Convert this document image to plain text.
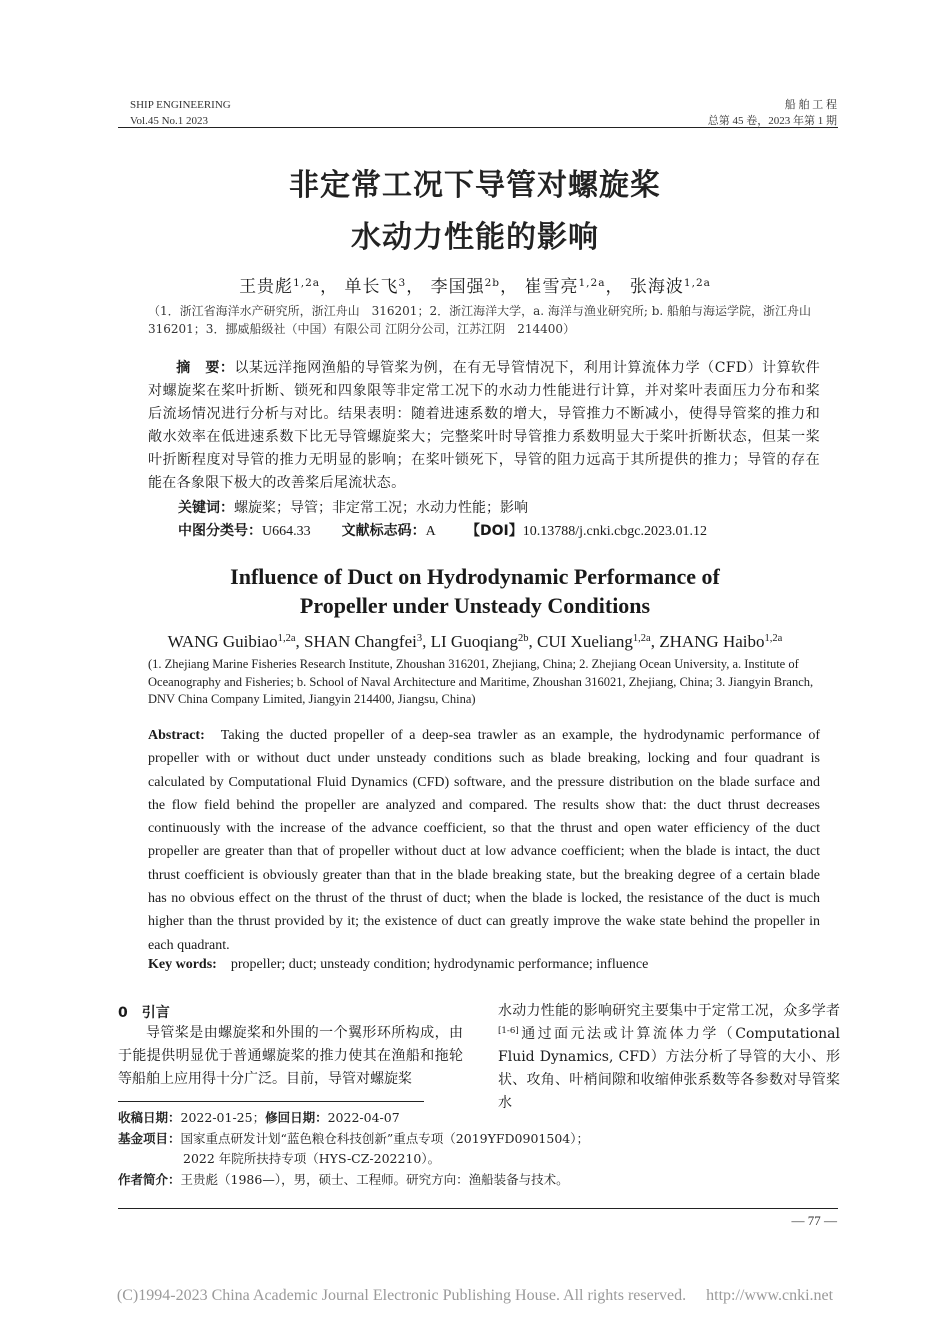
SHIP ENGINEERING
Vol.45 No.1 2023
船 舶 工 程
总第 45 卷，2023 年第 1 期
非定常工况下导管对螺旋桨
水动力性能的影响
王贵彪$^{1,2a}$， 单长飞$^3$， 李国强$^{2b}$， 崔雪亮$^{1,2a}$， 张海波$^{1,2a}$
（1．浙江省海洋水产研究所，浙江舟山　316201；2．浙江海洋大学，a. 海洋与渔业研究所; b. 船舶与海运学院，浙江舟山　316201；3．挪威船级社（中国）有限公司 江阴分公司，江苏江阴　214400）
摘　要：以某远洋拖网渔船的导管桨为例，在有无导管情况下，利用计算流体力学（CFD）计算软件对螺旋桨在桨叶折断、锁死和四象限等非定常工况下的水动力性能进行计算，并对桨叶表面压力分布和桨后流场情况进行分析与对比。结果表明：随着进速系数的增大，导管推力不断减小，使得导管桨的推力和敞水效率在低进速系数下比无导管螺旋桨大；完整桨叶时导管推力系数明显大于桨叶折断状态，但某一桨叶折断程度对导管的推力无明显的影响；在桨叶锁死下，导管的阻力远高于其所提供的推力；导管的存在能在各象限下极大的改善桨后尾流状态。
关键词：螺旋桨；导管；非定常工况；水动力性能；影响
中图分类号：U664.33 文献标志码：A 【DOI】10.13788/j.cnki.cbgc.2023.01.12
Influence of Duct on Hydrodynamic Performance of
Propeller under Unsteady Conditions
WANG Guibiao$^{1,2a}$, SHAN Changfei$^3$, LI Guoqiang$^{2b}$, CUI Xueliang$^{1,2a}$, ZHANG Haibo$^{1,2a}$
(1. Zhejiang Marine Fisheries Research Institute, Zhoushan 316201, Zhejiang, China; 2. Zhejiang Ocean University, a. Institute of Oceanography and Fisheries; b. School of Naval Architecture and Maritime, Zhoushan 316021, Zhejiang, China; 3. Jiangyin Branch, DNV China Company Limited, Jiangyin 214400, Jiangsu, China)
Abstract: Taking the ducted propeller of a deep-sea trawler as an example, the hydrodynamic performance of propeller with or without duct under unsteady conditions such as blade breaking, locking and four quadrant is calculated by Computational Fluid Dynamics (CFD) software, and the pressure distribution on the blade surface and the flow field behind the propeller are analyzed and compared. The results show that: the duct thrust decreases continuously with the increase of the advance coefficient, so that the thrust and open water efficiency of the duct propeller are greater than that of propeller without duct at low advance coefficient; when the blade is intact, the duct thrust coefficient is obviously greater than that in the blade breaking state, but the breaking degree of a certain blade has no obvious effect on the thrust of the thrust of duct; when the blade is locked, the resistance of the duct is much higher than the thrust provided by it; the existence of duct can greatly improve the wake state behind the propeller in each quadrant.
Key words: propeller; duct; unsteady condition; hydrodynamic performance; influence
0 引言
导管桨是由螺旋桨和外围的一个翼形环所构成，由于能提供明显优于普通螺旋桨的推力使其在渔船和拖轮等船舶上应用得十分广泛。目前，导管对螺旋桨
水动力性能的影响研究主要集中于定常工况，众多学者[1-6]通过面元法或计算流体力学（Computational Fluid Dynamics, CFD）方法分析了导管的大小、形状、攻角、叶梢间隙和收缩伸张系数等各参数对导管桨水
收稿日期：2022-01-25；修回日期：2022-04-07
基金项目：国家重点研发计划“蓝色粮仓科技创新”重点专项（2019YFD0901504）；
2022 年院所扶持专项（HYS-CZ-202210）。
作者简介：王贵彪（1986—），男，硕士、工程师。研究方向：渔船装备与技术。
— 77 —
(C)1994-2023 China Academic Journal Electronic Publishing House. All rights reserved.     http://www.cnki.net
